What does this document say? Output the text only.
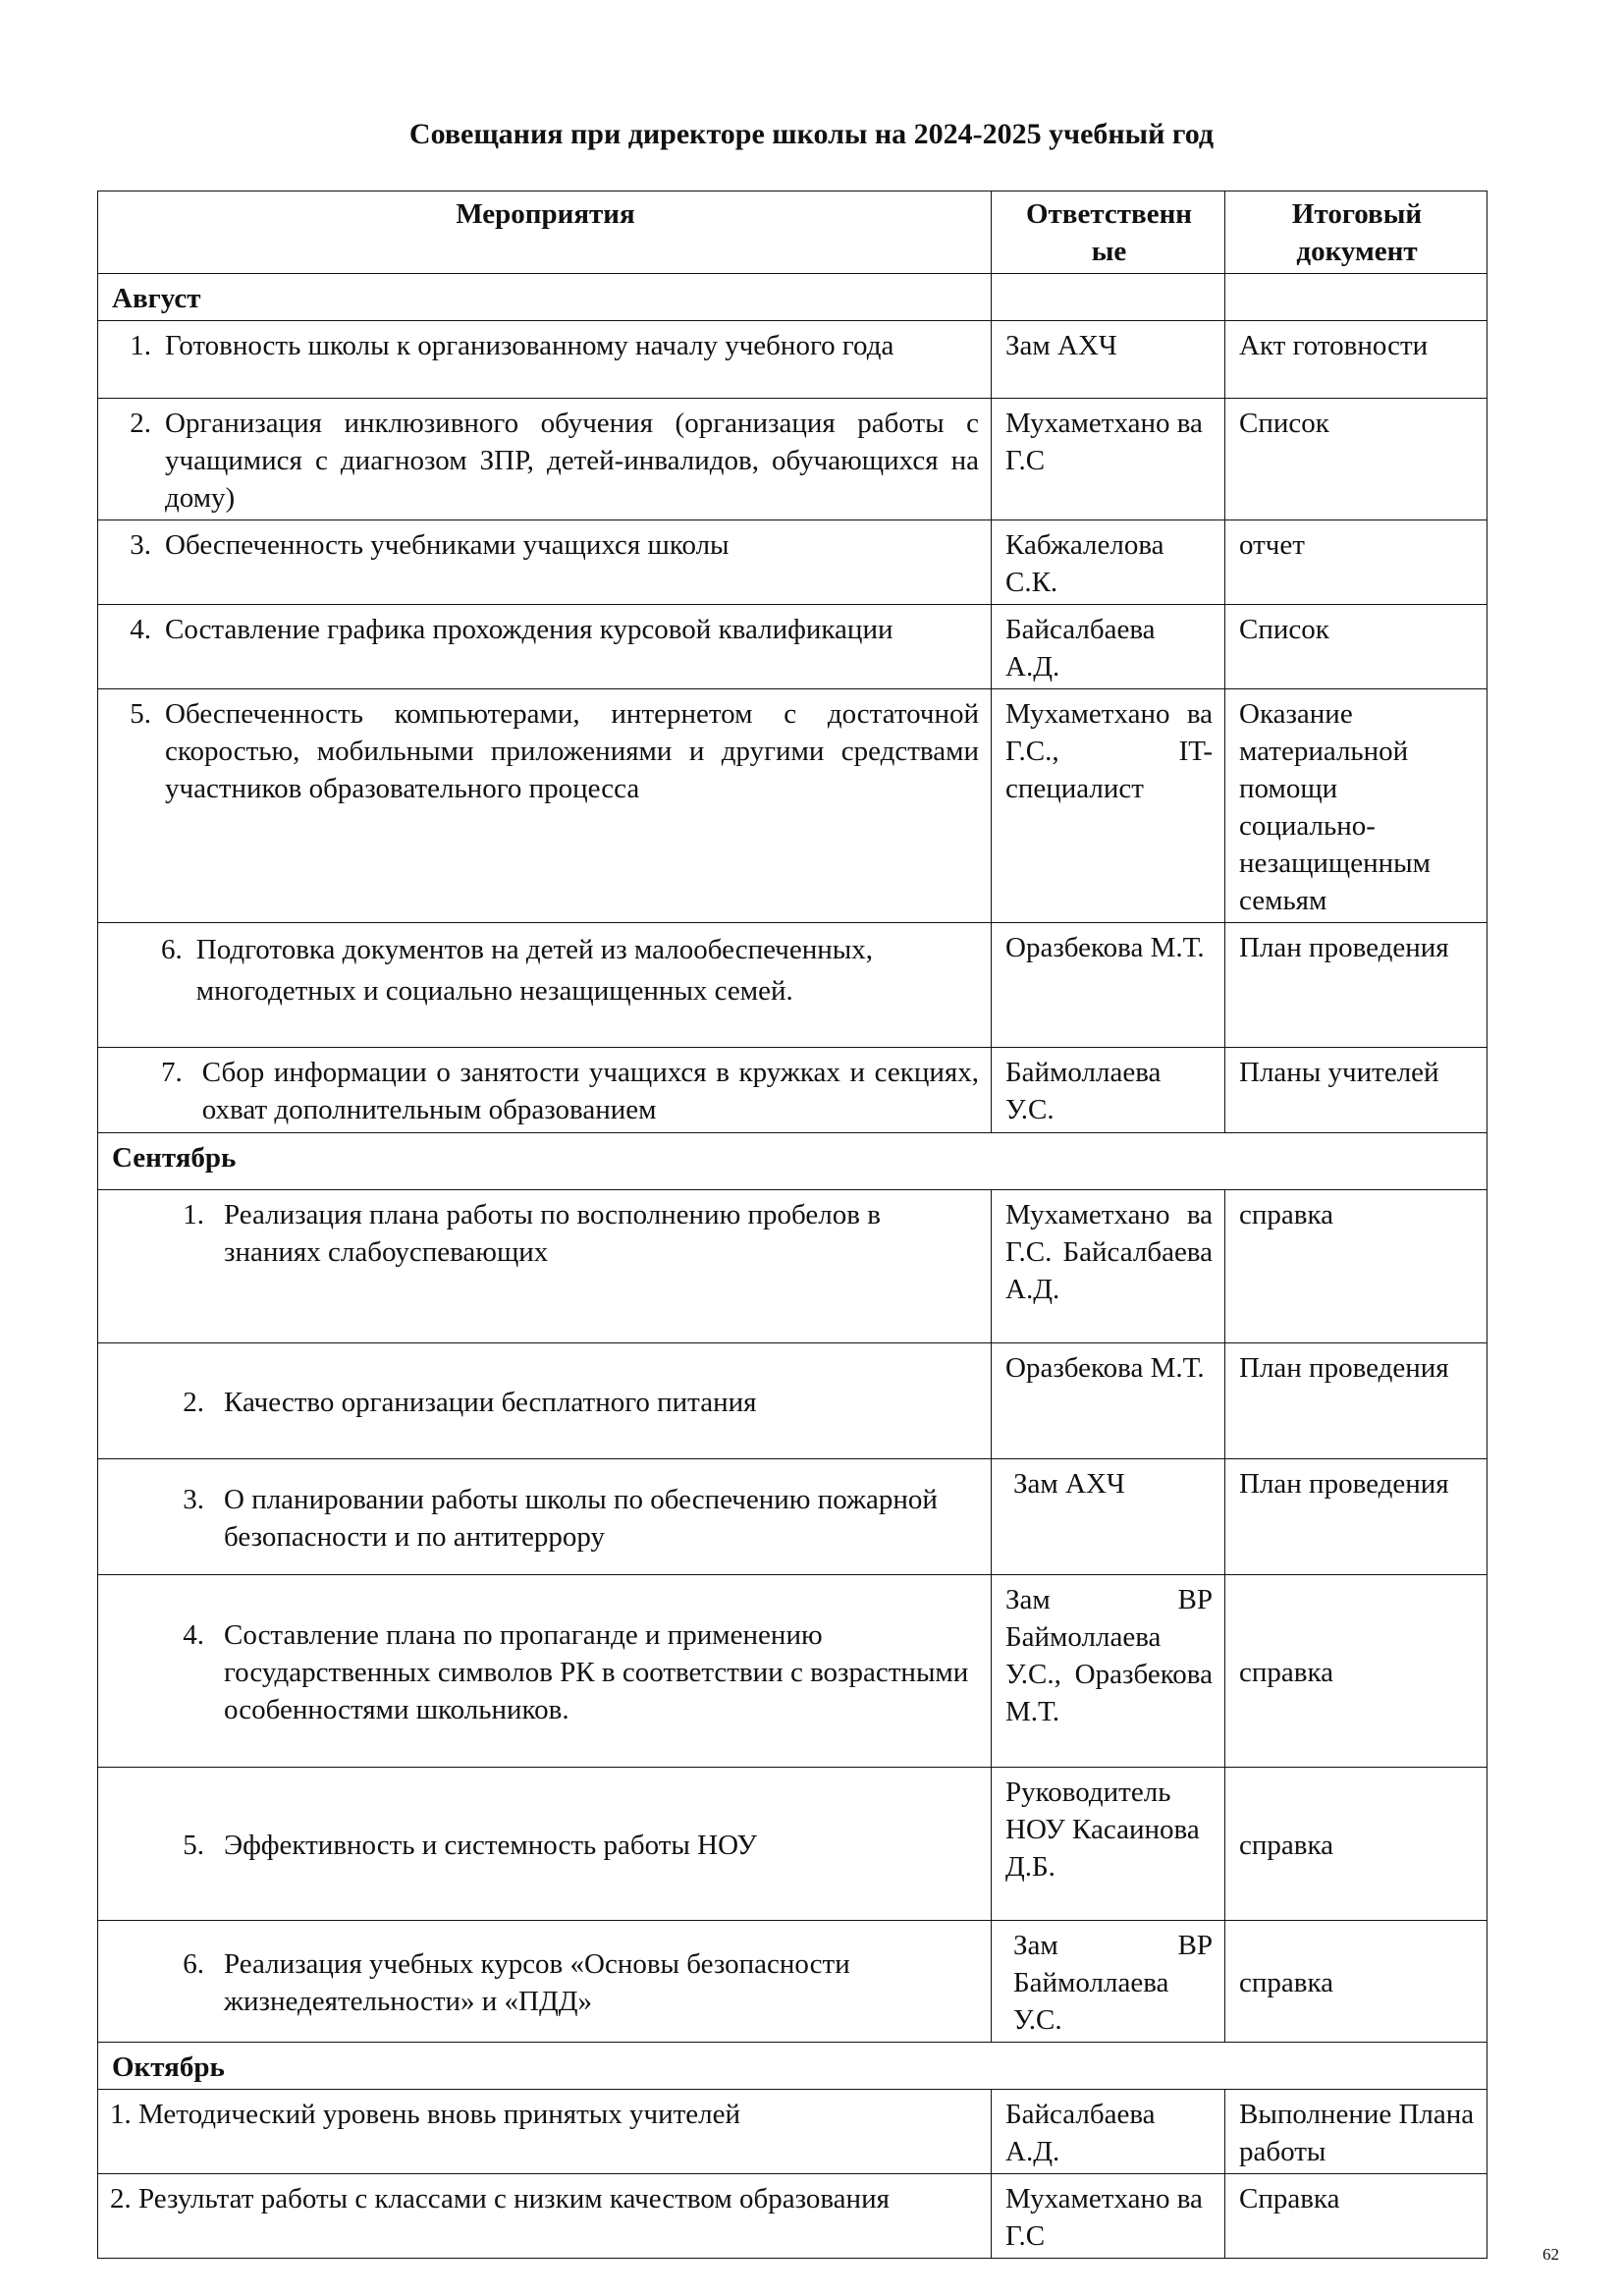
Совещания при директоре школы на 2024-2025 учебный год
Мероприятия	Ответственн ые	Итоговый документ
Август		

1. Готовность школы к организованному началу учебного года	Зам АХЧ	Акт готовности

2. Организация инклюзивного обучения (организация работы с учащимися с диагнозом ЗПР, детей-инвалидов, обучающихся на дому)	Мухаметхано ва Г.С	Список

3. Обеспеченность учебниками учащихся школы	Кабжалелова С.К.	отчет

4. Составление графика прохождения курсовой квалификации	Байсалбаева А.Д.	Список

5. Обеспеченность компьютерами, интернетом с достаточной скоростью, мобильными приложениями и другими средствами участников образовательного процесса	Мухаметхано ва Г.С., IT-специалист	Оказание материальной помощи социально-незащищенным семьям

6. Подготовка документов на детей из малообеспеченных, многодетных и социально незащищенных семей.	Оразбекова М.Т.	План проведения

7. Сбор информации о занятости учащихся в кружках и секциях, охват дополнительным образованием	Баймоллаева У.С.	Планы учителей
Сентябрь		

1. Реализация плана работы по восполнению пробелов в знаниях слабоуспевающих	Мухаметхано ва Г.С. Байсалбаева А.Д.	справка

2. Качество организации бесплатного питания	Оразбекова М.Т.	План проведения

3. О планировании работы школы по обеспечению пожарной безопасности и по антитеррору	Зам АХЧ	План проведения

4. Составление плана по пропаганде и применению государственных символов РК в соответствии с возрастными особенностями школьников.	Зам ВР Баймоллаева У.С., Оразбекова М.Т.	справка

5. Эффективность и системность работы НОУ	Руководитель НОУ Касаинова Д.Б.	справка

6. Реализация учебных курсов «Основы безопасности жизнедеятельности» и «ПДД»	Зам ВР Баймоллаева У.С.	справка
Октябрь		
1. Методический уровень вновь принятых учителей	Байсалбаева А.Д.	Выполнение Плана работы
2. Результат работы с классами с низким качеством образования	Мухаметхано ва Г.С	Справка
62
